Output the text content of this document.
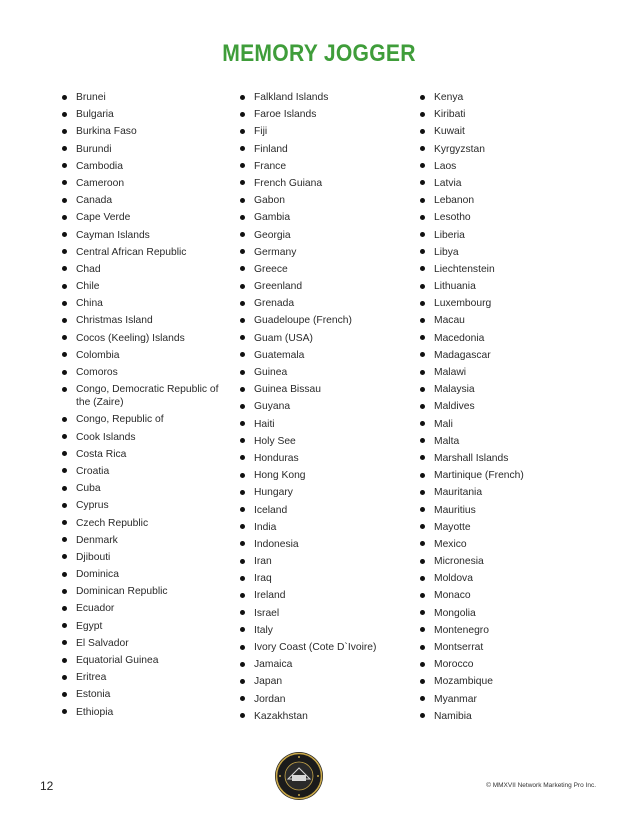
MEMORY JOGGER
Brunei
Bulgaria
Burkina Faso
Burundi
Cambodia
Cameroon
Canada
Cape Verde
Cayman Islands
Central African Republic
Chad
Chile
China
Christmas Island
Cocos (Keeling) Islands
Colombia
Comoros
Congo, Democratic Republic of the (Zaire)
Congo, Republic of
Cook Islands
Costa Rica
Croatia
Cuba
Cyprus
Czech Republic
Denmark
Djibouti
Dominica
Dominican Republic
Ecuador
Egypt
El Salvador
Equatorial Guinea
Eritrea
Estonia
Ethiopia
Falkland Islands
Faroe Islands
Fiji
Finland
France
French Guiana
Gabon
Gambia
Georgia
Germany
Greece
Greenland
Grenada
Guadeloupe (French)
Guam (USA)
Guatemala
Guinea
Guinea Bissau
Guyana
Haiti
Holy See
Honduras
Hong Kong
Hungary
Iceland
India
Indonesia
Iran
Iraq
Ireland
Israel
Italy
Ivory Coast (Cote D`Ivoire)
Jamaica
Japan
Jordan
Kazakhstan
Kenya
Kiribati
Kuwait
Kyrgyzstan
Laos
Latvia
Lebanon
Lesotho
Liberia
Libya
Liechtenstein
Lithuania
Luxembourg
Macau
Macedonia
Madagascar
Malawi
Malaysia
Maldives
Mali
Malta
Marshall Islands
Martinique (French)
Mauritania
Mauritius
Mayotte
Mexico
Micronesia
Moldova
Monaco
Mongolia
Montenegro
Montserrat
Morocco
Mozambique
Myanmar
Namibia
12	© MMXVII Network Marketing Pro Inc.
